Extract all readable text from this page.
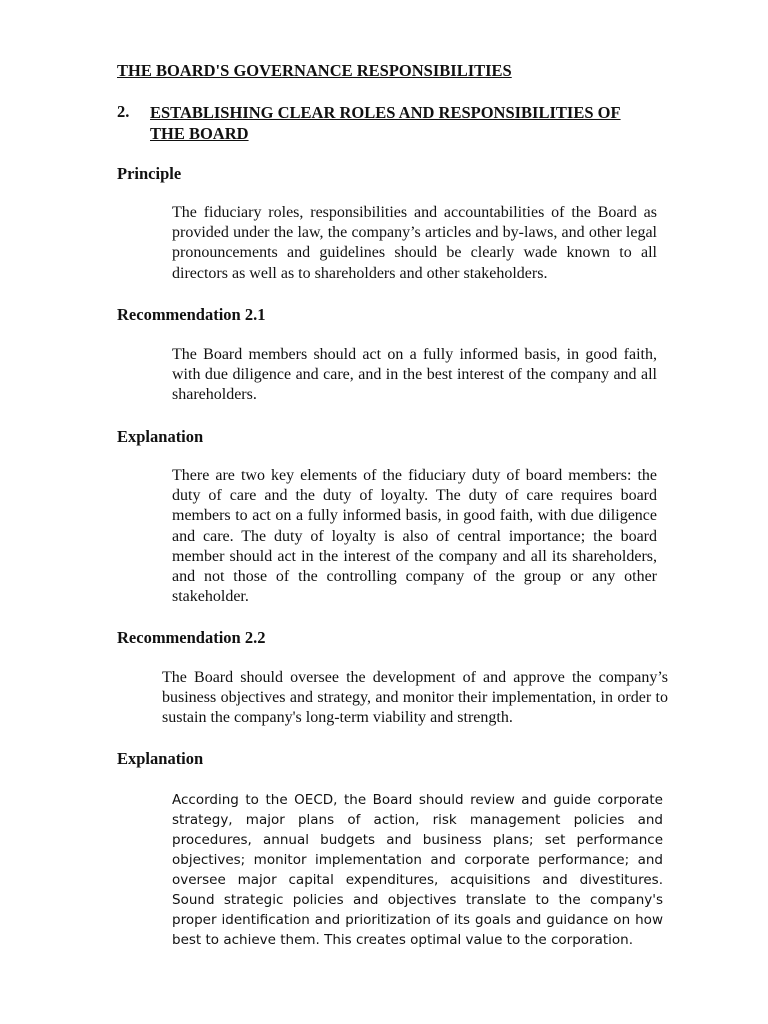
THE BOARD'S GOVERNANCE RESPONSIBILITIES
2. ESTABLISHING CLEAR ROLES AND RESPONSIBILITIES OF THE BOARD
Principle

The fiduciary roles, responsibilities and accountabilities of the Board as provided under the law, the company’s articles and by-laws, and other legal pronouncements and guidelines should be clearly wade known to all directors as well as to shareholders and other stakeholders.

Recommendation 2.1

The Board members should act on a fully informed basis, in good faith, with due diligence and care, and in the best interest of the company and all shareholders.

Explanation

There are two key elements of the fiduciary duty of board members: the duty of care and the duty of loyalty. The duty of care requires board members to act on a fully informed basis, in good faith, with due diligence and care. The duty of loyalty is also of central importance; the board member should act in the interest of the company and all its shareholders, and not those of the controlling company of the group or any other stakeholder.

Recommendation 2.2

The Board should oversee the development of and approve the company’s business objectives and strategy, and monitor their implementation, in order to sustain the company's long-term viability and strength.

Explanation

According to the OECD, the Board should review and guide corporate strategy, major plans of action, risk management policies and procedures, annual budgets and business plans; set performance objectives; monitor implementation and corporate performance; and oversee major capital expenditures, acquisitions and divestitures. Sound strategic policies and objectives translate to the company's proper identification and prioritization of its goals and guidance on how best to achieve them. This creates optimal value to the corporation.
